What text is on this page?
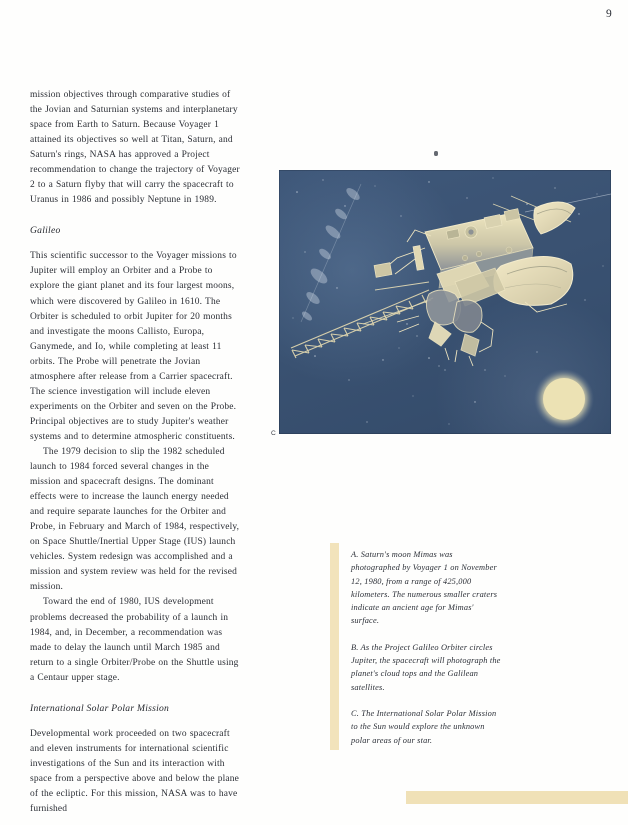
9

mission objectives through comparative studies of the Jovian and Saturnian systems and interplanetary space from Earth to Saturn. Because Voyager 1 attained its objectives so well at Titan, Saturn, and Saturn's rings, NASA has approved a Project recommendation to change the trajectory of Voyager 2 to a Saturn flyby that will carry the spacecraft to Uranus in 1986 and possibly Neptune in 1989.

Galileo

This scientific successor to the Voyager missions to Jupiter will employ an Orbiter and a Probe to explore the giant planet and its four largest moons, which were discovered by Galileo in 1610. The Orbiter is scheduled to orbit Jupiter for 20 months and investigate the moons Callisto, Europa, Ganymede, and Io, while completing at least 11 orbits. The Probe will penetrate the Jovian atmosphere after release from a Carrier spacecraft. The science investigation will include eleven experiments on the Orbiter and seven on the Probe. Principal objectives are to study Jupiter's weather systems and to determine atmospheric constituents.

The 1979 decision to slip the 1982 scheduled launch to 1984 forced several changes in the mission and spacecraft designs. The dominant effects were to increase the launch energy needed and require separate launches for the Orbiter and Probe, in February and March of 1984, respectively, on Space Shuttle/Inertial Upper Stage (IUS) launch vehicles. System redesign was accomplished and a mission and system review was held for the revised mission.

Toward the end of 1980, IUS development problems decreased the probability of a launch in 1984, and, in December, a recommendation was made to delay the launch until March 1985 and return to a single Orbiter/Probe on the Shuttle using a Centaur upper stage.

International Solar Polar Mission

Developmental work proceeded on two spacecraft and eleven instruments for international scientific investigations of the Sun and its interaction with space from a perspective above and below the plane of the ecliptic. For this mission, NASA was to have furnished

C

A. Saturn's moon Mimas was photographed by Voyager 1 on November 12, 1980, from a range of 425,000 kilometers. The numerous smaller craters indicate an ancient age for Mimas' surface.

B. As the Project Galileo Orbiter circles Jupiter, the spacecraft will photograph the planet's cloud tops and the Galilean satellites.

C. The International Solar Polar Mission to the Sun would explore the unknown polar areas of our star.
